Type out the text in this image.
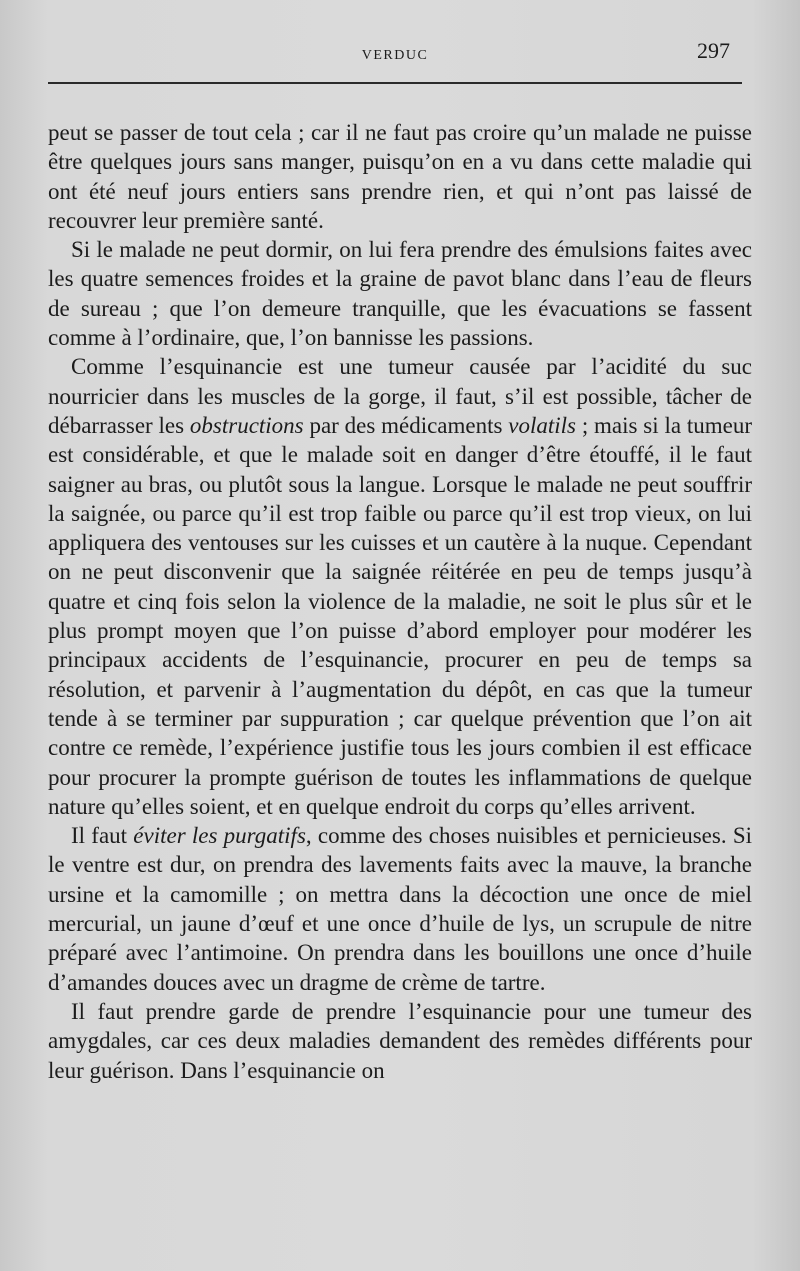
VERDUC	297

peut se passer de tout cela ; car il ne faut pas croire qu’un malade ne puisse être quelques jours sans manger, puisqu’on en a vu dans cette maladie qui ont été neuf jours entiers sans prendre rien, et qui n’ont pas laissé de recouvrer leur première santé.

Si le malade ne peut dormir, on lui fera prendre des émulsions faites avec les quatre semences froides et la graine de pavot blanc dans l’eau de fleurs de sureau ; que l’on demeure tranquille, que les évacuations se fassent comme à l’ordinaire, que, l’on bannisse les passions.

Comme l’esquinancie est une tumeur causée par l’acidité du suc nourricier dans les muscles de la gorge, il faut, s’il est possible, tâcher de débarrasser les obstructions par des médicaments volatils ; mais si la tumeur est considérable, et que le malade soit en danger d’être étouffé, il le faut saigner au bras, ou plutôt sous la langue. Lorsque le malade ne peut souffrir la saignée, ou parce qu’il est trop faible ou parce qu’il est trop vieux, on lui appliquera des ventouses sur les cuisses et un cautère à la nuque. Cependant on ne peut disconvenir que la saignée réitérée en peu de temps jusqu’à quatre et cinq fois selon la violence de la maladie, ne soit le plus sûr et le plus prompt moyen que l’on puisse d’abord employer pour modérer les principaux accidents de l’esquinancie, procurer en peu de temps sa résolution, et parvenir à l’augmentation du dépôt, en cas que la tumeur tende à se terminer par suppuration ; car quelque prévention que l’on ait contre ce remède, l’expérience justifie tous les jours combien il est efficace pour procurer la prompte guérison de toutes les inflammations de quelque nature qu’elles soient, et en quelque endroit du corps qu’elles arrivent.

Il faut éviter les purgatifs, comme des choses nuisibles et pernicieuses. Si le ventre est dur, on prendra des lavements faits avec la mauve, la branche ursine et la camomille ; on mettra dans la décoction une once de miel mercurial, un jaune d’œuf et une once d’huile de lys, un scrupule de nitre préparé avec l’antimoine. On prendra dans les bouillons une once d’huile d’amandes douces avec un dragme de crème de tartre.

Il faut prendre garde de prendre l’esquinancie pour une tumeur des amygdales, car ces deux maladies demandent des remèdes différents pour leur guérison. Dans l’esquinancie on
